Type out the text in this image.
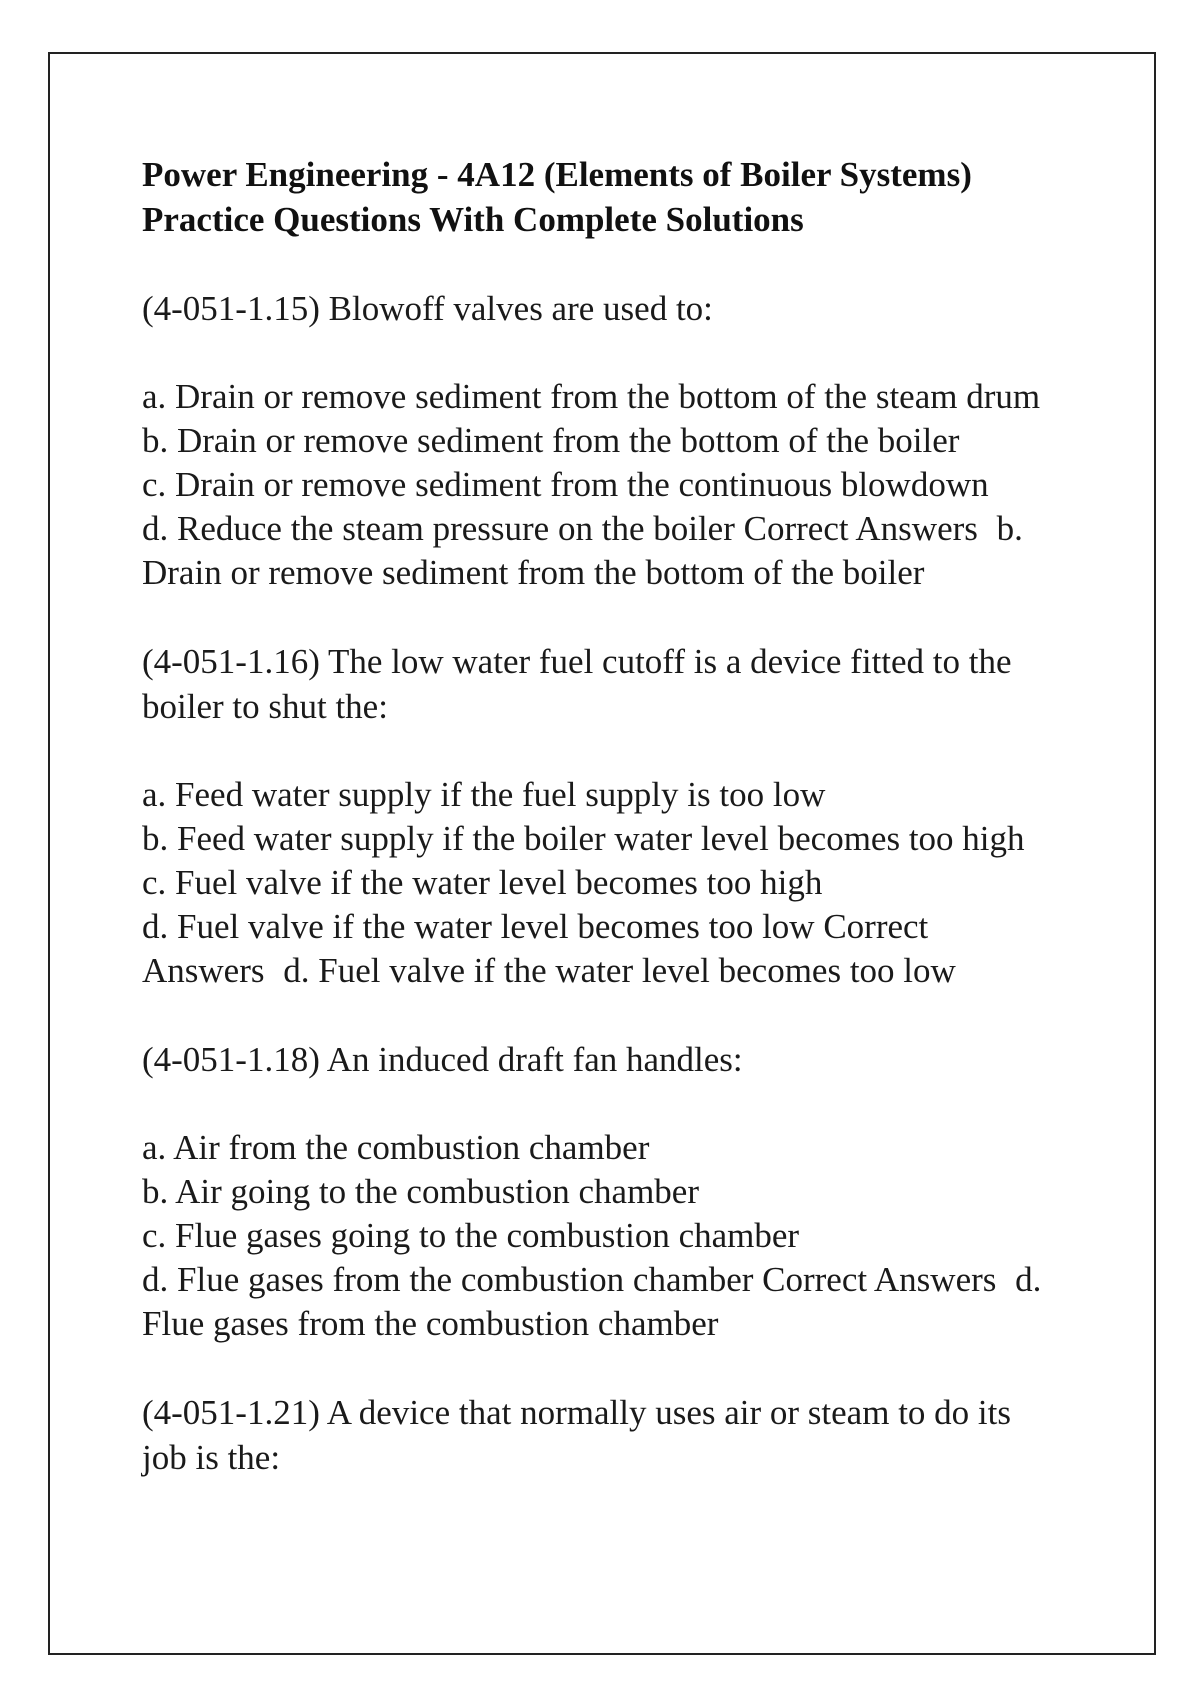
Power Engineering - 4A12 (Elements of Boiler Systems)
Practice Questions With Complete Solutions
(4-051-1.15) Blowoff valves are used to:
a. Drain or remove sediment from the bottom of the steam drum
b. Drain or remove sediment from the bottom of the boiler
c. Drain or remove sediment from the continuous blowdown
d. Reduce the steam pressure on the boiler Correct Answers b.
Drain or remove sediment from the bottom of the boiler
(4-051-1.16) The low water fuel cutoff is a device fitted to the
boiler to shut the:
a. Feed water supply if the fuel supply is too low
b. Feed water supply if the boiler water level becomes too high
c. Fuel valve if the water level becomes too high
d. Fuel valve if the water level becomes too low Correct
Answers d. Fuel valve if the water level becomes too low
(4-051-1.18) An induced draft fan handles:
a. Air from the combustion chamber
b. Air going to the combustion chamber
c. Flue gases going to the combustion chamber
d. Flue gases from the combustion chamber Correct Answers d.
Flue gases from the combustion chamber
(4-051-1.21) A device that normally uses air or steam to do its
job is the:
